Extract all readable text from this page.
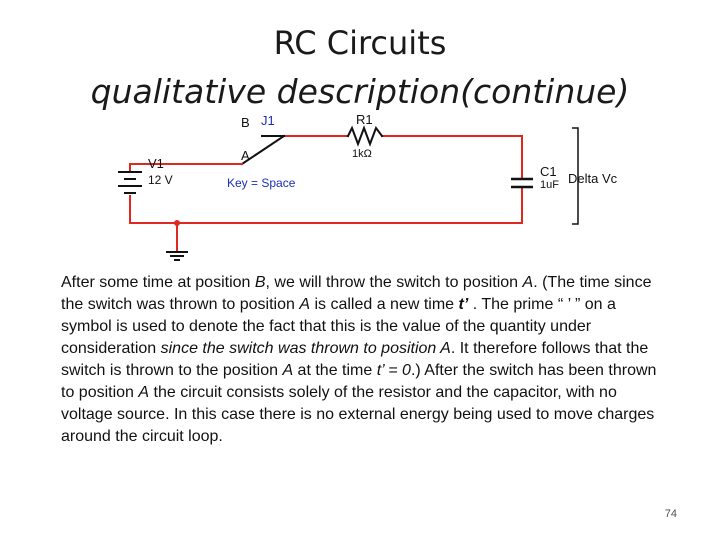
RC Circuits
qualitative description(continue)
B J1
A
R1
1kΩ
V1
12 V	Key = Space
C1
1uF Delta Vc
After some time at position B, we will throw the switch to position A. (The time since the switch was thrown to position A is called a new time t’ . The prime “ ’ ” on a symbol is used to denote the fact that this is the value of the quantity under consideration since the switch was thrown to position A. It therefore follows that the switch is thrown to the position A at the time t’ = 0.) After the switch has been thrown to position A the circuit consists solely of the resistor and the capacitor, with no voltage source. In this case there is no external energy being used to move charges around the circuit loop.
74
